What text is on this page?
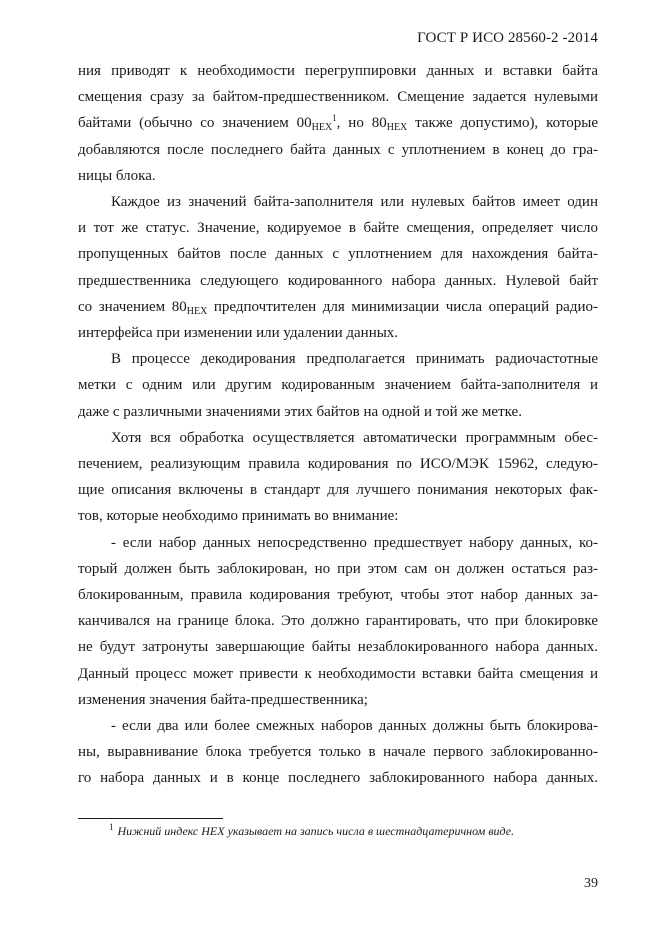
ГОСТ Р ИСО 28560-2 -2014
ния приводят к необходимости перегруппировки данных и вставки байта
смещения сразу за байтом-предшественником. Смещение задается нулевыми
байтами (обычно со значением $00_{HEX}^1$, но $80_{HEX}$ также допустимо), которые
добавляются после последнего байта данных с уплотнением в конец до гра-
ницы блока.
Каждое из значений байта-заполнителя или нулевых байтов имеет один
и тот же статус. Значение, кодируемое в байте смещения, определяет число
пропущенных байтов после данных с уплотнением для нахождения байта-
предшественника следующего кодированного набора данных. Нулевой байт
со значением $80_{HEX}$ предпочтителен для минимизации числа операций радио-
интерфейса при изменении или удалении данных.
В процессе декодирования предполагается принимать радиочастотные
метки с одним или другим кодированным значением байта-заполнителя и
даже с различными значениями этих байтов на одной и той же метке.
Хотя вся обработка осуществляется автоматически программным обес-
печением, реализующим правила кодирования по ИСО/МЭК 15962, следую-
щие описания включены в стандарт для лучшего понимания некоторых фак-
тов, которые необходимо принимать во внимание:
- если набор данных непосредственно предшествует набору данных, ко-
торый должен быть заблокирован, но при этом сам он должен остаться раз-
блокированным, правила кодирования требуют, чтобы этот набор данных за-
канчивался на границе блока. Это должно гарантировать, что при блокировке
не будут затронуты завершающие байты незаблокированного набора данных.
Данный процесс может привести к необходимости вставки байта смещения и
изменения значения байта-предшественника;
- если два или более смежных наборов данных должны быть блокирова-
ны, выравнивание блока требуется только в начале первого заблокированно-
го набора данных и в конце последнего заблокированного набора данных.
$^1$ Нижний индекс HEX указывает на запись числа в шестнадцатеричном виде.
39
